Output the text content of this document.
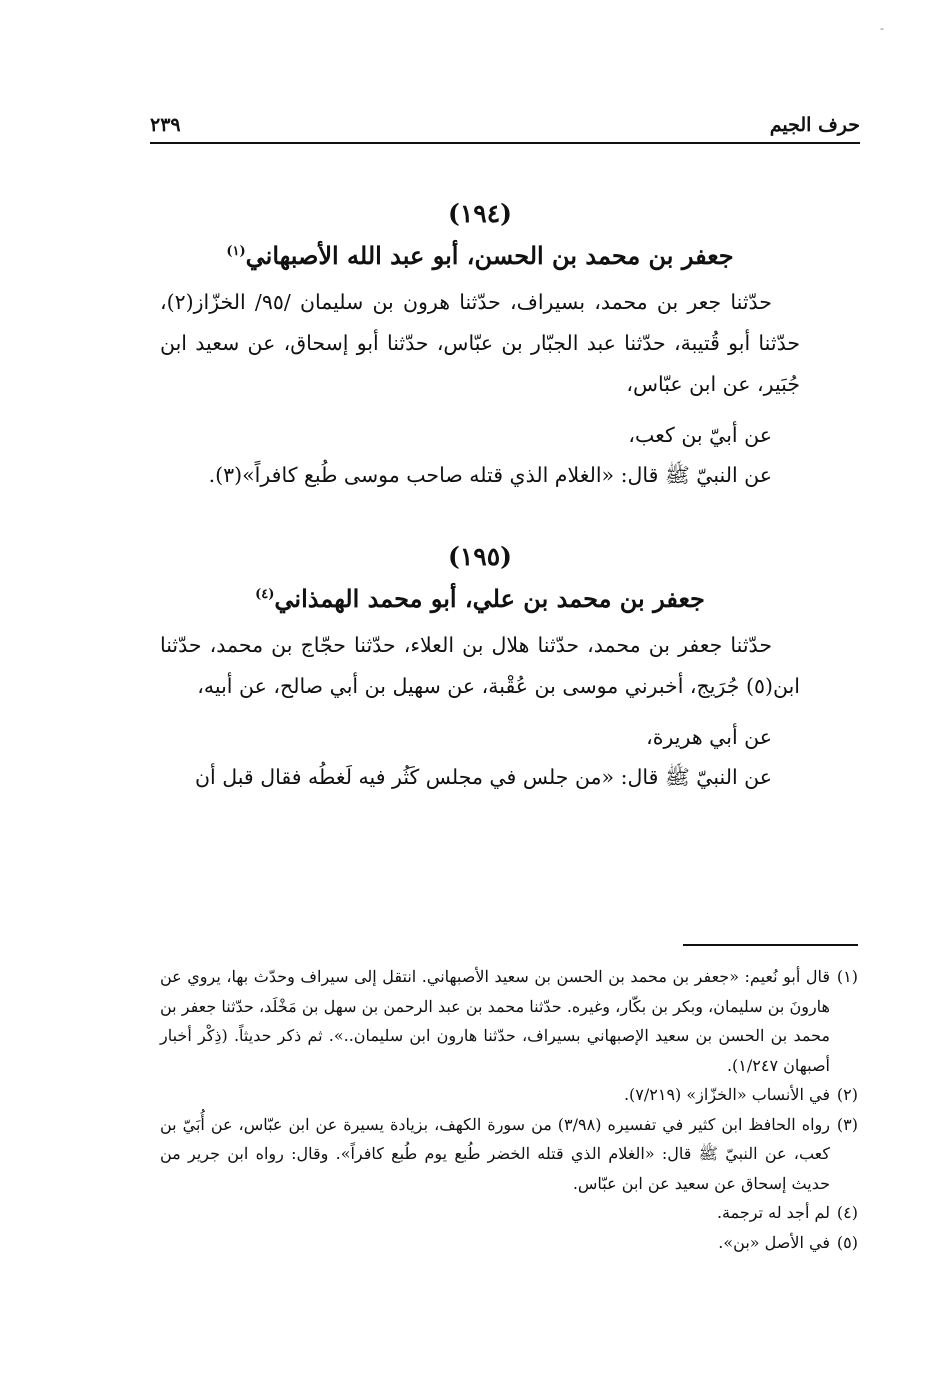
-
حرف الجيم
٢٣٩
(١٩٤)
جعفر بن محمد بن الحسن، أبو عبد الله الأصبهاني$^{(١)}$
حدّثنا جعر بن محمد، بسيراف، حدّثنا هرون بن سليمان /٩٥/ الخزّاز(٢)، حدّثنا أبو قُتيبة، حدّثنا عبد الجبّار بن عبّاس، حدّثنا أبو إسحاق، عن سعيد ابن جُبَير، عن ابن عبّاس،
عن أبيّ بن كعب،
عن النبيّ ﷺ قال: «الغلام الذي قتله صاحب موسى طُبع كافراً»(٣).
(١٩٥)
جعفر بن محمد بن علي، أبو محمد الهمذاني$^{(٤)}$
حدّثنا جعفر بن محمد، حدّثنا هلال بن العلاء، حدّثنا حجّاج بن محمد، حدّثنا ابن(٥) جُرَيج، أخبرني موسى بن عُقْبة، عن سهيل بن أبي صالح، عن أبيه،
عن أبي هريرة،
عن النبيّ ﷺ قال: «من جلس في مجلس كَثُر فيه لَغطُه فقال قبل أن

(١)قال أبو نُعيم: «جعفر بن محمد بن الحسن بن سعيد الأصبهاني. انتقل إلى سيراف وحدّث بها، يروي عن هارونَ بن سليمان، وبكر بن بكّار، وغيره. حدّثنا محمد بن عبد الرحمن بن سهل بن مَخْلَد، حدّثنا جعفر بن محمد بن الحسن بن سعيد الإصبهاني بسيراف، حدّثنا هارون ابن سليمان..». ثم ذكر حديثاً. (ذِكْر أخبار أصبهان ١/٢٤٧).

(٢)في الأنساب «الخزّاز» (٧/٢١٩).

(٣)رواه الحافظ ابن كثير في تفسيره (٣/٩٨) من سورة الكهف، بزيادة يسيرة عن ابن عبّاس، عن أُبَيّ بن كعب، عن النبيّ ﷺ قال: «الغلام الذي قتله الخضر طُبع يوم طُبع كافراً». وقال: رواه ابن جرير من حديث إسحاق عن سعيد عن ابن عبّاس.

(٤)لم أجد له ترجمة.

(٥)في الأصل «بن».
